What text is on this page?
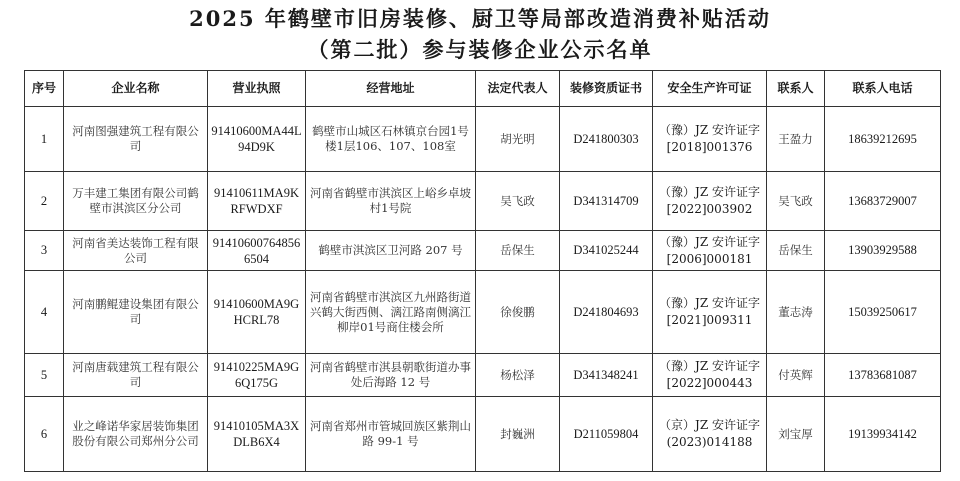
2025 年鹤壁市旧房装修、厨卫等局部改造消费补贴活动
（第二批）参与装修企业公示名单
序号	企业名称	营业执照	经营地址	法定代表人	装修资质证书	安全生产许可证	联系人	联系人电话
1	河南图强建筑工程有限公司	91410600MA44L94D9K	鹤壁市山城区石林镇京台园1号楼1层106、107、108室	胡光明	D241800303	（豫）JZ 安许证字[2018]001376	王盈力	18639212695
2	万丰建工集团有限公司鹤壁市淇滨区分公司	91410611MA9KRFWDXF	河南省鹤壁市淇滨区上峪乡卓坡村1号院	吴飞政	D341314709	（豫）JZ 安许证字[2022]003902	吴飞政	13683729007
3	河南省美达装饰工程有限公司	914106007648566504	鹤壁市淇滨区卫河路 207 号	岳保生	D341025244	（豫）JZ 安许证字[2006]000181	岳保生	13903929588
4	河南鹏鲲建设集团有限公司	91410600MA9GHCRL78	河南省鹤壁市淇滨区九州路街道兴鹤大街西侧、漓江路南侧漓江柳岸01号商住楼会所	徐俊鹏	D241804693	（豫）JZ 安许证字[2021]009311	董志涛	15039250617
5	河南唐载建筑工程有限公司	91410225MA9G6Q175G	河南省鹤壁市淇县朝歌街道办事处后海路 12 号	杨松泽	D341348241	（豫）JZ 安许证字[2022]000443	付英辉	13783681087
6	业之峰诺华家居装饰集团股份有限公司郑州分公司	91410105MA3XDLB6X4	河南省郑州市管城回族区紫荆山路 99-1 号	封巍洲	D211059804	（京）JZ 安许证字(2023)014188	刘宝厚	19139934142
